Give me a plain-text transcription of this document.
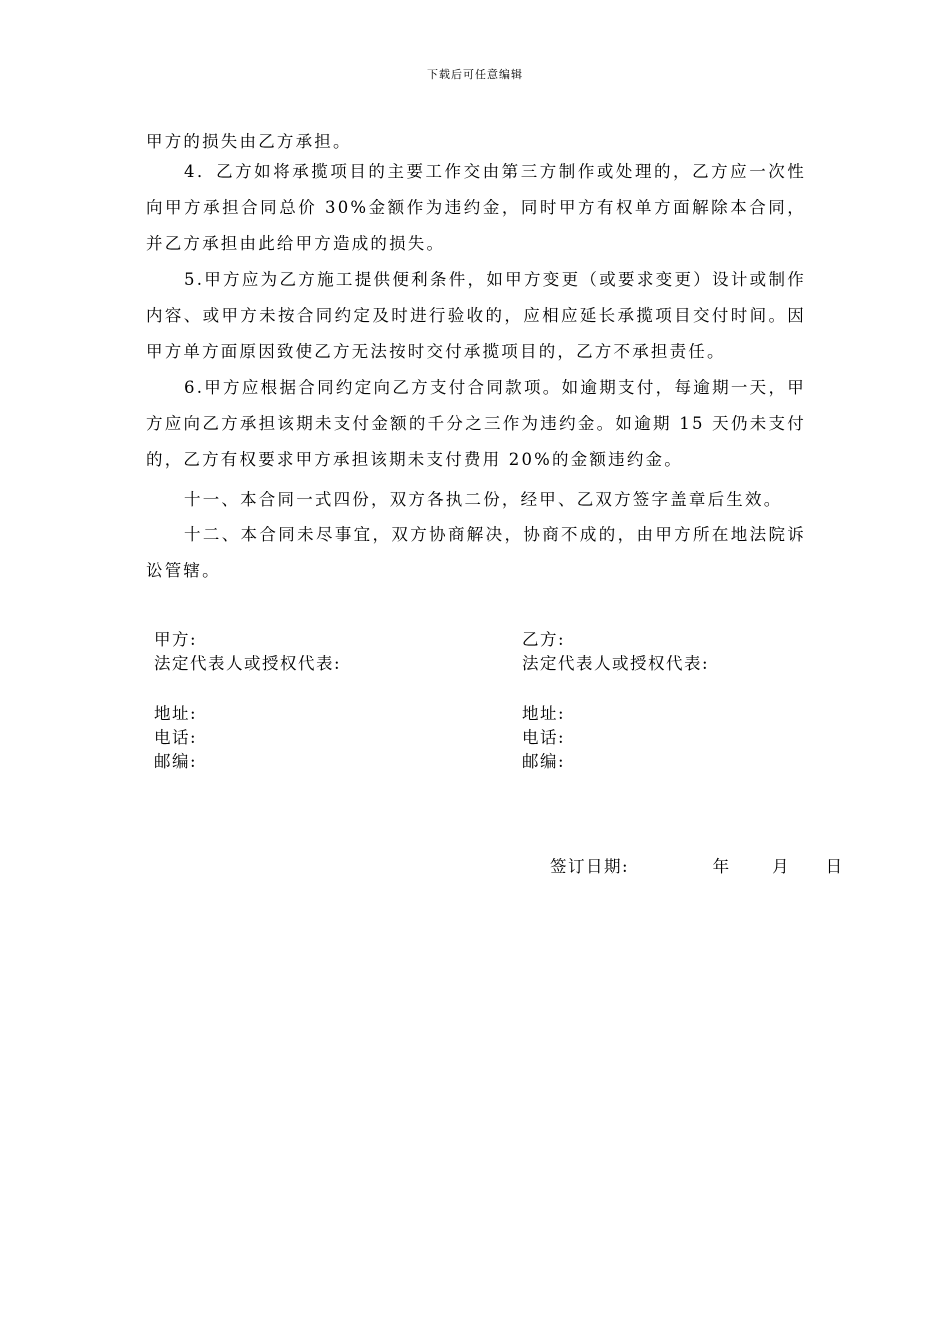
下载后可任意编辑

甲方的损失由乙方承担。

4．乙方如将承揽项目的主要工作交由第三方制作或处理的，乙方应一次性向甲方承担合同总价 30%金额作为违约金，同时甲方有权单方面解除本合同，并乙方承担由此给甲方造成的损失。

5.甲方应为乙方施工提供便利条件，如甲方变更（或要求变更）设计或制作内容、或甲方未按合同约定及时进行验收的，应相应延长承揽项目交付时间。因甲方单方面原因致使乙方无法按时交付承揽项目的，乙方不承担责任。

6.甲方应根据合同约定向乙方支付合同款项。如逾期支付，每逾期一天，甲方应向乙方承担该期未支付金额的千分之三作为违约金。如逾期 15 天仍未支付的，乙方有权要求甲方承担该期未支付费用 20%的金额违约金。

十一、本合同一式四份，双方各执二份，经甲、乙双方签字盖章后生效。

十二、本合同未尽事宜，双方协商解决，协商不成的，由甲方所在地法院诉讼管辖。

甲方:
法定代表人或授权代表:
地址:
电话:
邮编:
乙方:
法定代表人或授权代表:
地址:
电话:
邮编:
签订日期:	年	月 日
